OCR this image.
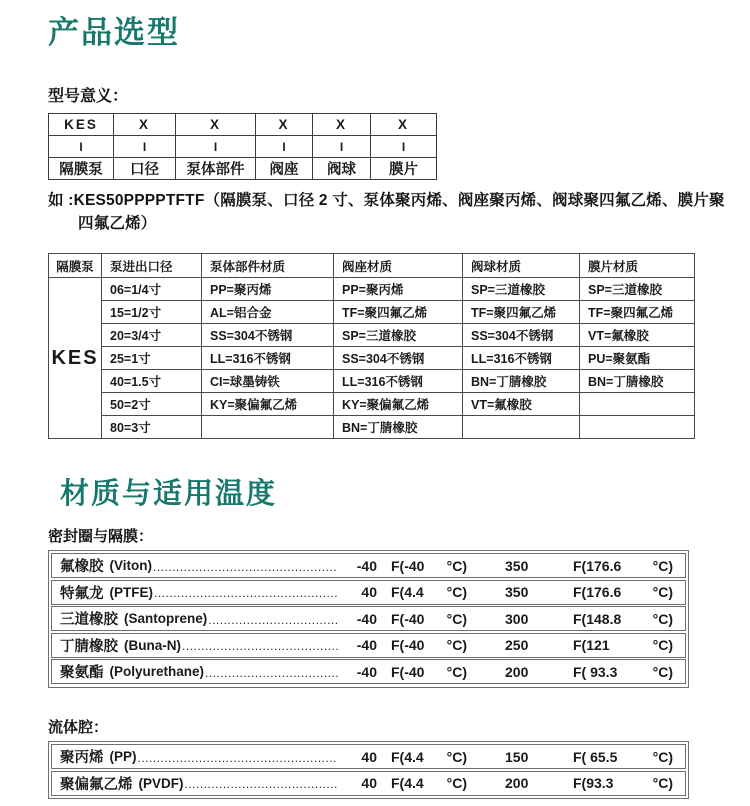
产品选型
型号意义：
KES	X	X	X	X	X
I	I	I	I	I	I
隔膜泵	口径	泵体部件	阀座	阀球	膜片
如 :KES50PPPPTFTF（隔膜泵、口径 2 寸、泵体聚丙烯、阀座聚丙烯、阀球聚四氟乙烯、膜片聚四氟乙烯）
隔膜泵	泵进出口径	泵体部件材质	阀座材质	阀球材质	膜片材质
KES	06=1/4寸	PP=聚丙烯	PP=聚丙烯	SP=三道橡胶	SP=三道橡胶
	15=1/2寸	AL=铝合金	TF=聚四氟乙烯	TF=聚四氟乙烯	TF=聚四氟乙烯
	20=3/4寸	SS=304不锈钢	SP=三道橡胶	SS=304不锈钢	VT=氟橡胶
	25=1寸	LL=316不锈钢	SS=304不锈钢	LL=316不锈钢	PU=聚氨酯
	40=1.5寸	CI=球墨铸铁	LL=316不锈钢	BN=丁腈橡胶	BN=丁腈橡胶
	50=2寸	KY=聚偏氟乙烯	KY=聚偏氟乙烯	VT=氟橡胶	
	80=3寸		BN=丁腈橡胶		
材质与适用温度
密封圈与隔膜：
氟橡胶 (Viton) .....	-40 F(-40 °C)	350	F(176.6 °C)
特氟龙 (PTFE) .....	40 F(4.4 °C)	350	F(176.6 °C)
三道橡胶 (Santoprene) .....	-40 F(-40 °C)	300	F(148.8 °C)
丁腈橡胶 (Buna-N) .....	-40 F(-40 °C)	250	F(121	°C)
聚氨酯 (Polyurethane) .....	-40 F(-40 °C)	200	F( 93.3	°C)
流体腔：
聚丙烯 (PP) .....	40 F(4.4 °C)	150	F( 65.5	°C)
聚偏氟乙烯 (PVDF) .....	40 F(4.4 °C)	200	F(93.3	°C)
